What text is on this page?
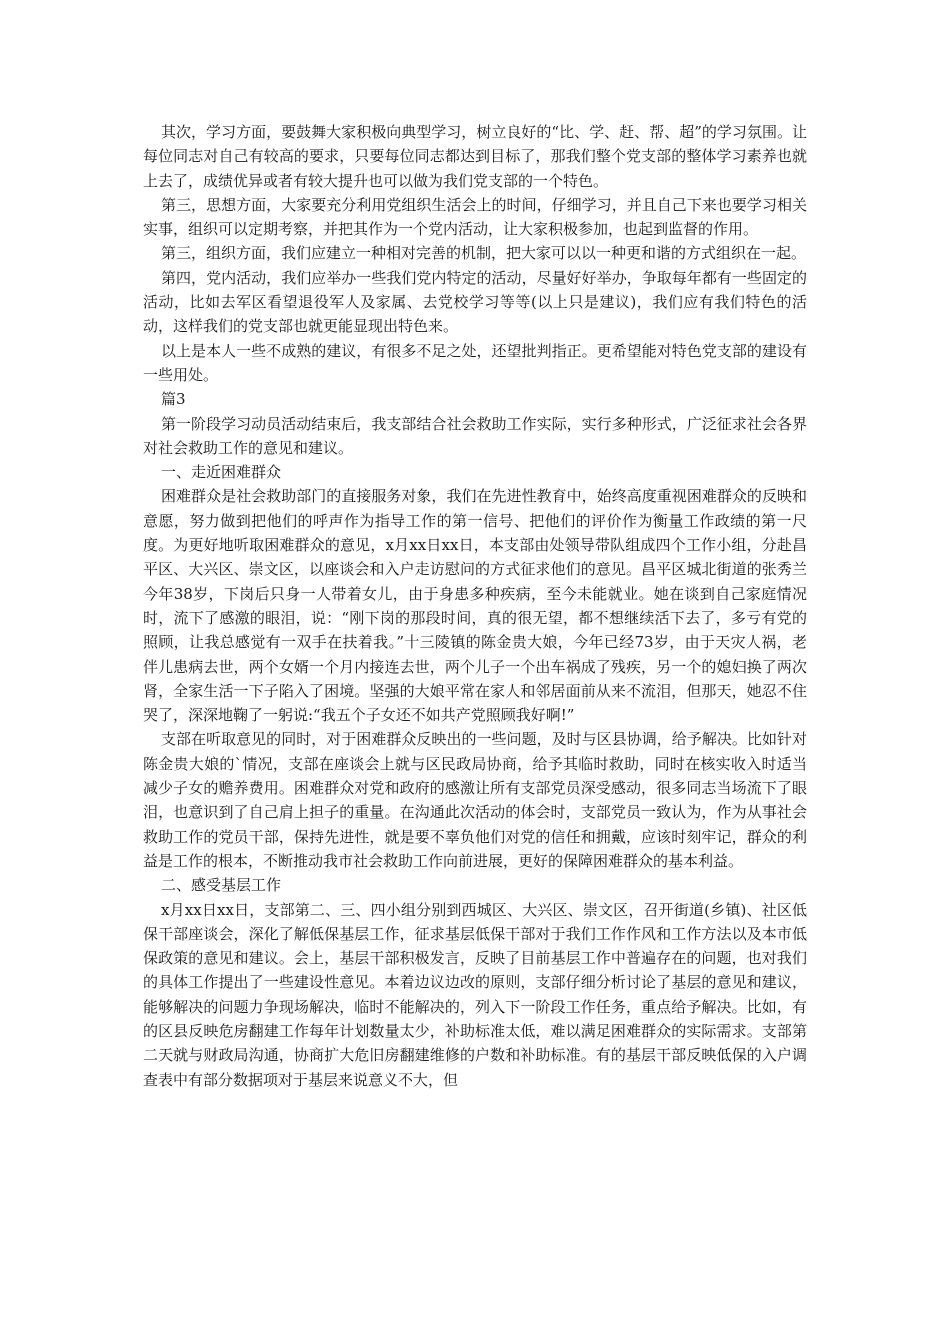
其次，学习方面，要鼓舞大家积极向典型学习，树立良好的“比、学、赶、帮、超”的学习氛围。让每位同志对自己有较高的要求，只要每位同志都达到目标了，那我们整个党支部的整体学习素养也就上去了，成绩优异或者有较大提升也可以做为我们党支部的一个特色。

第三，思想方面，大家要充分利用党组织生活会上的时间，仔细学习，并且自己下来也要学习相关实事，组织可以定期考察，并把其作为一个党内活动，让大家积极参加，也起到监督的作用。

第三，组织方面，我们应建立一种相对完善的机制，把大家可以以一种更和谐的方式组织在一起。

第四，党内活动，我们应举办一些我们党内特定的活动，尽量好好举办，争取每年都有一些固定的活动，比如去军区看望退役军人及家属、去党校学习等等(以上只是建议)，我们应有我们特色的活动，这样我们的党支部也就更能显现出特色来。

以上是本人一些不成熟的建议，有很多不足之处，还望批判指正。更希望能对特色党支部的建设有一些用处。

篇3

第一阶段学习动员活动结束后，我支部结合社会救助工作实际，实行多种形式，广泛征求社会各界对社会救助工作的意见和建议。

一、走近困难群众

困难群众是社会救助部门的直接服务对象，我们在先进性教育中，始终高度重视困难群众的反映和意愿，努力做到把他们的呼声作为指导工作的第一信号、把他们的评价作为衡量工作政绩的第一尺度。为更好地听取困难群众的意见，x月xx日xx日，本支部由处领导带队组成四个工作小组，分赴昌平区、大兴区、崇文区，以座谈会和入户走访慰问的方式征求他们的意见。昌平区城北街道的张秀兰今年38岁，下岗后只身一人带着女儿，由于身患多种疾病，至今未能就业。她在谈到自己家庭情况时，流下了感激的眼泪，说：“刚下岗的那段时间，真的很无望，都不想继续活下去了，多亏有党的照顾，让我总感觉有一双手在扶着我。”十三陵镇的陈金贵大娘，今年已经73岁，由于天灾人祸，老伴儿患病去世，两个女婿一个月内接连去世，两个儿子一个出车祸成了残疾，另一个的媳妇换了两次肾，全家生活一下子陷入了困境。坚强的大娘平常在家人和邻居面前从来不流泪，但那天，她忍不住哭了，深深地鞠了一躬说:“我五个子女还不如共产党照顾我好啊!”

支部在听取意见的同时，对于困难群众反映出的一些问题，及时与区县协调，给予解决。比如针对陈金贵大娘的`情况，支部在座谈会上就与区民政局协商，给予其临时救助，同时在核实收入时适当减少子女的赡养费用。困难群众对党和政府的感激让所有支部党员深受感动，很多同志当场流下了眼泪，也意识到了自己肩上担子的重量。在沟通此次活动的体会时，支部党员一致认为，作为从事社会救助工作的党员干部，保持先进性，就是要不辜负他们对党的信任和拥戴，应该时刻牢记，群众的利益是工作的根本，不断推动我市社会救助工作向前进展，更好的保障困难群众的基本利益。

二、感受基层工作

x月xx日xx日，支部第二、三、四小组分别到西城区、大兴区、崇文区，召开街道(乡镇)、社区低保干部座谈会，深化了解低保基层工作，征求基层低保干部对于我们工作作风和工作方法以及本市低保政策的意见和建议。会上，基层干部积极发言，反映了目前基层工作中普遍存在的问题，也对我们的具体工作提出了一些建设性意见。本着边议边改的原则，支部仔细分析讨论了基层的意见和建议，能够解决的问题力争现场解决，临时不能解决的，列入下一阶段工作任务，重点给予解决。比如，有的区县反映危房翻建工作每年计划数量太少，补助标准太低，难以满足困难群众的实际需求。支部第二天就与财政局沟通，协商扩大危旧房翻建维修的户数和补助标准。有的基层干部反映低保的入户调查表中有部分数据项对于基层来说意义不大，但
